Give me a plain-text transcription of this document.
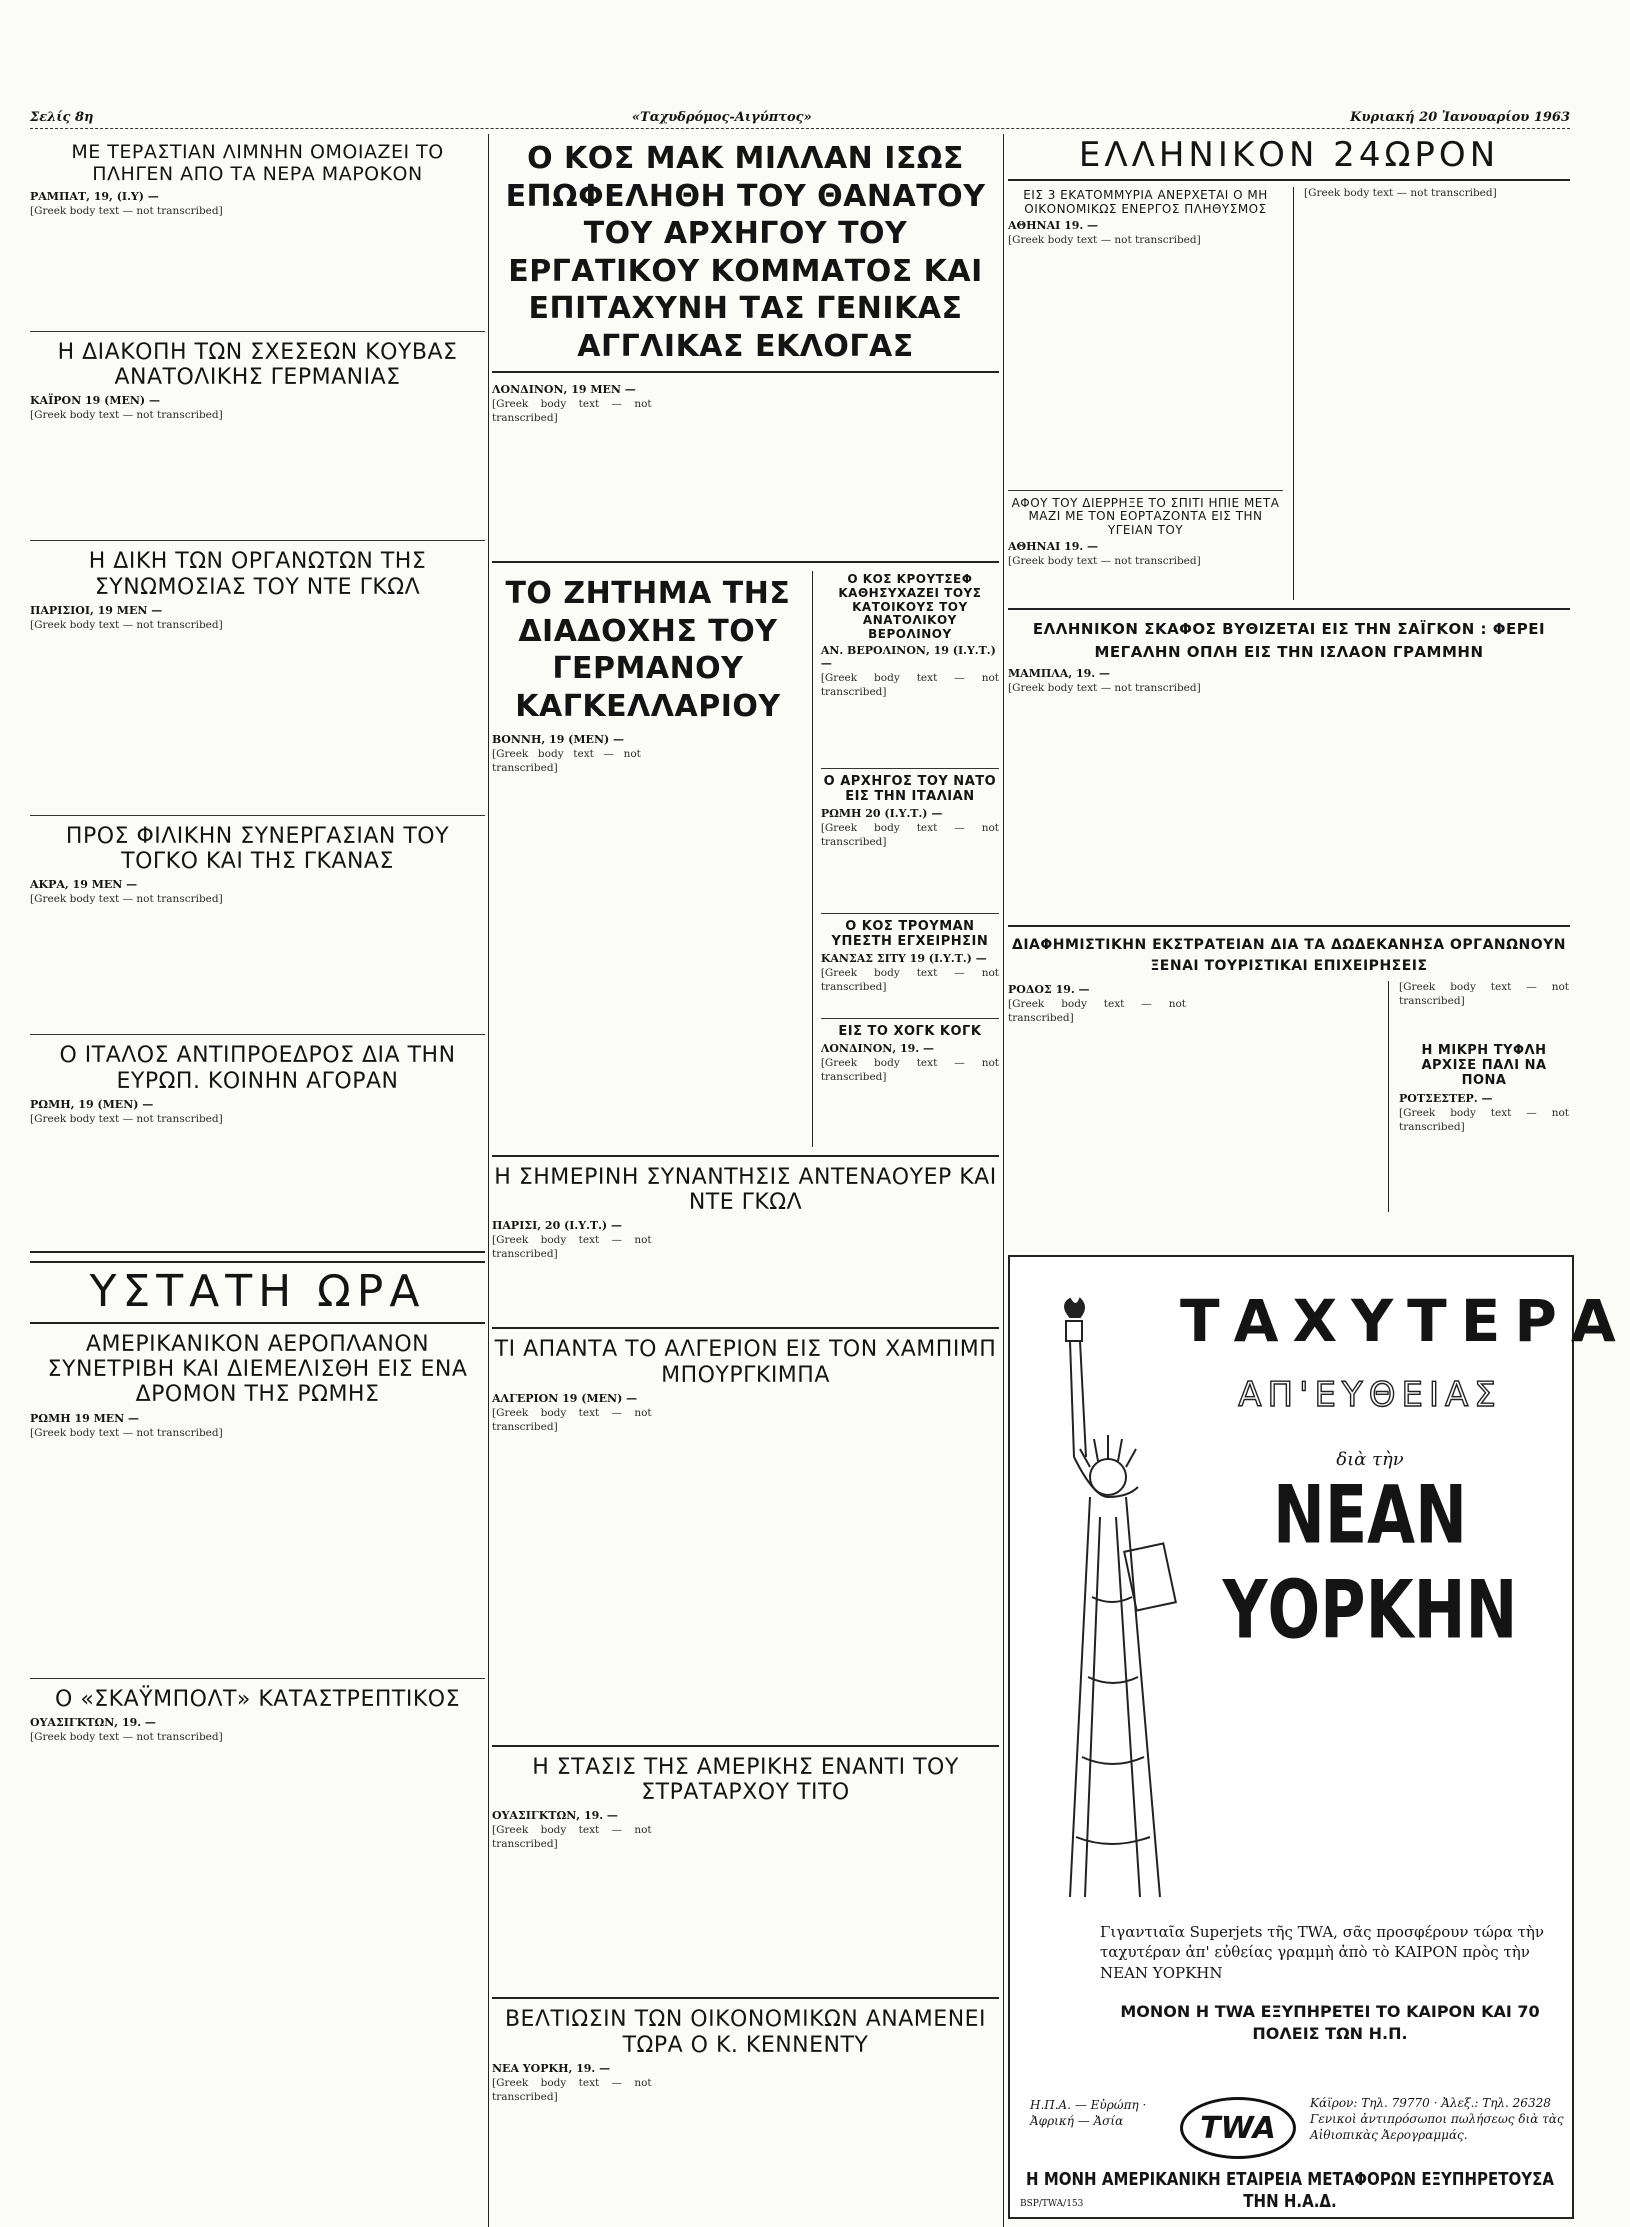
Σελίς 8η	«Ταχυδρόμος-Αιγύπτος»	Κυριακή 20 Ἰανουαρίου 1963
ΜΕ ΤΕΡΑΣΤΙΑΝ ΛΙΜΝΗΝ ΟΜΟΙΑΖΕΙ ΤΟ ΠΛΗΓΕΝ ΑΠΟ ΤΑ ΝΕΡΑ ΜΑΡΟΚΟΝ
ΡΑΜΠΑΤ, 19, (Ι.Υ) —
[Greek body text — not transcribed]
Η ΔΙΑΚΟΠΗ ΤΩΝ ΣΧΕΣΕΩΝ ΚΟΥΒΑΣ ΑΝΑΤΟΛΙΚΗΣ ΓΕΡΜΑΝΙΑΣ
ΚΑΪΡΟΝ 19 (ΜΕΝ) —
[Greek body text — not transcribed]
Η ΔΙΚΗ ΤΩΝ ΟΡΓΑΝΩΤΩΝ ΤΗΣ ΣΥΝΩΜΟΣΙΑΣ ΤΟΥ ΝΤΕ ΓΚΩΛ
ΠΑΡΙΣΙΟΙ, 19 ΜΕΝ —
[Greek body text — not transcribed]
ΠΡΟΣ ΦΙΛΙΚΗΝ ΣΥΝΕΡΓΑΣΙΑΝ ΤΟΥ ΤΟΓΚΟ ΚΑΙ ΤΗΣ ΓΚΑΝΑΣ
ΑΚΡΑ, 19 ΜΕΝ —
[Greek body text — not transcribed]
Ο ΙΤΑΛΟΣ ΑΝΤΙΠΡΟΕΔΡΟΣ ΔΙΑ ΤΗΝ ΕΥΡΩΠ. ΚΟΙΝΗΝ ΑΓΟΡΑΝ
ΡΩΜΗ, 19 (ΜΕΝ) —
[Greek body text — not transcribed]
ΥΣΤΑΤΗ ΩΡΑ
ΑΜΕΡΙΚΑΝΙΚΟΝ ΑΕΡΟΠΛΑΝΟΝ ΣΥΝΕΤΡΙΒΗ ΚΑΙ ΔΙΕΜΕΛΙΣΘΗ ΕΙΣ ΕΝΑ ΔΡΟΜΟΝ ΤΗΣ ΡΩΜΗΣ
ΡΩΜΗ 19 ΜΕΝ —
[Greek body text — not transcribed]
Ο «ΣΚΑΫΜΠΟΛΤ» ΚΑΤΑΣΤΡΕΠΤΙΚΟΣ
ΟΥΑΣΙΓΚΤΩΝ, 19. —
[Greek body text — not transcribed]
Ο ΚΟΣ ΜΑΚ ΜΙΛΛΑΝ ΙΣΩΣ ΕΠΩΦΕΛΗΘΗ ΤΟΥ ΘΑΝΑΤΟΥ ΤΟΥ ΑΡΧΗΓΟΥ ΤΟΥ ΕΡΓΑΤΙΚΟΥ ΚΟΜΜΑΤΟΣ ΚΑΙ ΕΠΙΤΑΧΥΝΗ ΤΑΣ ΓΕΝΙΚΑΣ ΑΓΓΛΙΚΑΣ ΕΚΛΟΓΑΣ
ΛΟΝΔΙΝΟΝ, 19 ΜΕΝ —
[Greek body text — not transcribed]
ΤΟ ΖΗΤΗΜΑ ΤΗΣ ΔΙΑΔΟΧΗΣ ΤΟΥ ΓΕΡΜΑΝΟΥ ΚΑΓΚΕΛΛΑΡΙΟΥ
ΒΟΝΝΗ, 19 (ΜΕΝ) —
[Greek body text — not transcribed]
Ο ΚΟΣ ΚΡΟΥΤΣΕΦ ΚΑΘΗΣΥΧΑΖΕΙ ΤΟΥΣ ΚΑΤΟΙΚΟΥΣ ΤΟΥ ΑΝΑΤΟΛΙΚΟΥ ΒΕΡΟΛΙΝΟΥ
ΑΝ. ΒΕΡΟΛΙΝΟΝ, 19 (Ι.Υ.Τ.) —
[Greek body text — not transcribed]
Ο ΑΡΧΗΓΟΣ ΤΟΥ ΝΑΤΟ ΕΙΣ ΤΗΝ ΙΤΑΛΙΑΝ
ΡΩΜΗ 20 (Ι.Υ.Τ.) —
[Greek body text — not transcribed]
Ο ΚΟΣ ΤΡΟΥΜΑΝ ΥΠΕΣΤΗ ΕΓΧΕΙΡΗΣΙΝ
ΚΑΝΣΑΣ ΣΙΤΥ 19 (Ι.Υ.Τ.) —
[Greek body text — not transcribed]
ΕΙΣ ΤΟ ΧΟΓΚ ΚΟΓΚ
ΛΟΝΔΙΝΟΝ, 19. —
[Greek body text — not transcribed]
Η ΣΗΜΕΡΙΝΗ ΣΥΝΑΝΤΗΣΙΣ ΑΝΤΕΝΑΟΥΕΡ ΚΑΙ ΝΤΕ ΓΚΩΛ
ΠΑΡΙΣΙ, 20 (Ι.Υ.Τ.) —
[Greek body text — not transcribed]
ΤΙ ΑΠΑΝΤΑ ΤΟ ΑΛΓΕΡΙΟΝ ΕΙΣ ΤΟΝ ΧΑΜΠΙΜΠ ΜΠΟΥΡΓΚΙΜΠΑ
ΑΛΓΕΡΙΟΝ 19 (ΜΕΝ) —
[Greek body text — not transcribed]
Η ΣΤΑΣΙΣ ΤΗΣ ΑΜΕΡΙΚΗΣ ΕΝΑΝΤΙ ΤΟΥ ΣΤΡΑΤΑΡΧΟΥ ΤΙΤΟ
ΟΥΑΣΙΓΚΤΩΝ, 19. —
[Greek body text — not transcribed]
ΒΕΛΤΙΩΣΙΝ ΤΩΝ ΟΙΚΟΝΟΜΙΚΩΝ ΑΝΑΜΕΝΕΙ ΤΩΡΑ Ο Κ. ΚΕΝΝΕΝΤΥ
ΝΕΑ ΥΟΡΚΗ, 19. —
[Greek body text — not transcribed]
ΕΛΛΗΝΙΚΟΝ 24ΩΡΟΝ
ΕΙΣ 3 ΕΚΑΤΟΜΜΥΡΙΑ ΑΝΕΡΧΕΤΑΙ Ο ΜΗ ΟΙΚΟΝΟΜΙΚΩΣ ΕΝΕΡΓΟΣ ΠΛΗΘΥΣΜΟΣ
ΑΘΗΝΑΙ 19. —
[Greek body text — not transcribed]
ΑΦΟΥ ΤΟΥ ΔΙΕΡΡΗΞΕ ΤΟ ΣΠΙΤΙ ΗΠΙΕ ΜΕΤΑ ΜΑΖΙ ΜΕ ΤΟΝ ΕΟΡΤΑΖΟΝΤΑ ΕΙΣ ΤΗΝ ΥΓΕΙΑΝ ΤΟΥ
ΑΘΗΝΑΙ 19. —
[Greek body text — not transcribed]
[Greek body text — not transcribed]
ΕΛΛΗΝΙΚΟΝ ΣΚΑΦΟΣ ΒΥΘΙΖΕΤΑΙ ΕΙΣ ΤΗΝ ΣΑΪΓΚΟΝ : ΦΕΡΕΙ ΜΕΓΑΛΗΝ ΟΠΛΗ ΕΙΣ ΤΗΝ ΙΣΛΑΟΝ ΓΡΑΜΜΗΝ
ΜΑΜΠΛΑ, 19. —
[Greek body text — not transcribed]
ΔΙΑΦΗΜΙΣΤΙΚΗΝ ΕΚΣΤΡΑΤΕΙΑΝ ΔΙΑ ΤΑ ΔΩΔΕΚΑΝΗΣΑ ΟΡΓΑΝΩΝΟΥΝ ΞΕΝΑΙ ΤΟΥΡΙΣΤΙΚΑΙ ΕΠΙΧΕΙΡΗΣΕΙΣ
ΡΟΔΟΣ 19. —
[Greek body text — not transcribed]
[Greek body text — not transcribed]
Η ΜΙΚΡΗ ΤΥΦΛΗ ΑΡΧΙΣΕ ΠΑΛΙ ΝΑ ΠΟΝΑ
ΡΟΤΣΕΣΤΕΡ. —
[Greek body text — not transcribed]
ΤΑΧΥΤΕΡΑ
ΑΠ'ΕΥΘΕΙΑΣ
διὰ τὴν
ΝΕΑΝ ΥΟΡΚΗΝ
Γιγαντιαῖα Superjets τῆς TWA, σᾶς προσφέρουν τώρα τὴν ταχυτέραν ἀπ' εὐθείας γραμμὴ ἀπὸ τὸ ΚΑΙΡΟΝ πρὸς τὴν ΝΕΑΝ ΥΟΡΚΗΝ
ΜΟΝΟΝ Η TWA ΕΞΥΠΗΡΕΤΕΙ ΤΟ ΚΑΙΡΟΝ ΚΑΙ 70 ΠΟΛΕΙΣ ΤΩΝ Η.Π.
Η.Π.Α. — Εὐρώπη · Ἀφρική — Ἀσία	TWA
Κάϊρον: Τηλ. 79770 · Ἀλεξ.: Τηλ. 26328 Γενικοὶ ἀντιπρόσωποι πωλήσεως διὰ τὰς Αἰθιοπικὰς Ἀερογραμμάς.
Η ΜΟΝΗ ΑΜΕΡΙΚΑΝΙΚΗ ΕΤΑΙΡΕΙΑ ΜΕΤΑΦΟΡΩΝ ΕΞΥΠΗΡΕΤΟΥΣΑ ΤΗΝ Η.Α.Δ.
BSP/TWA/153
